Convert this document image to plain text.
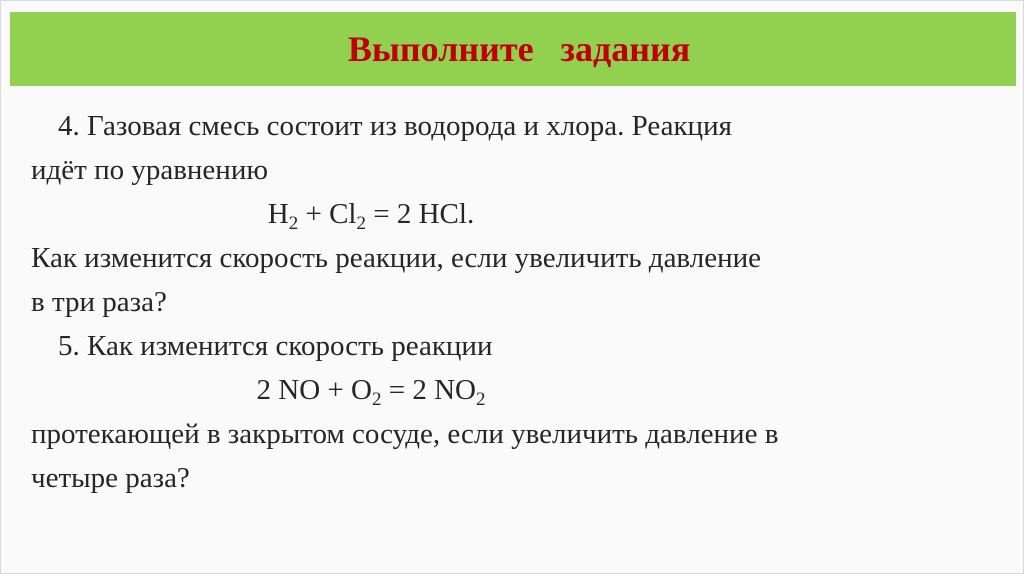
Выполните   задания
4. Газовая смесь состоит из водорода и хлора. Реакция
идёт по уравнению
$H_2 + Cl_2 = 2$ HCl.
Как изменится скорость реакции, если увеличить давление
в три раза?
5. Как изменится скорость реакции
2 NO + $O_2 = 2$ $NO_2$
протекающей в закрытом сосуде, если увеличить давление в
четыре раза?
